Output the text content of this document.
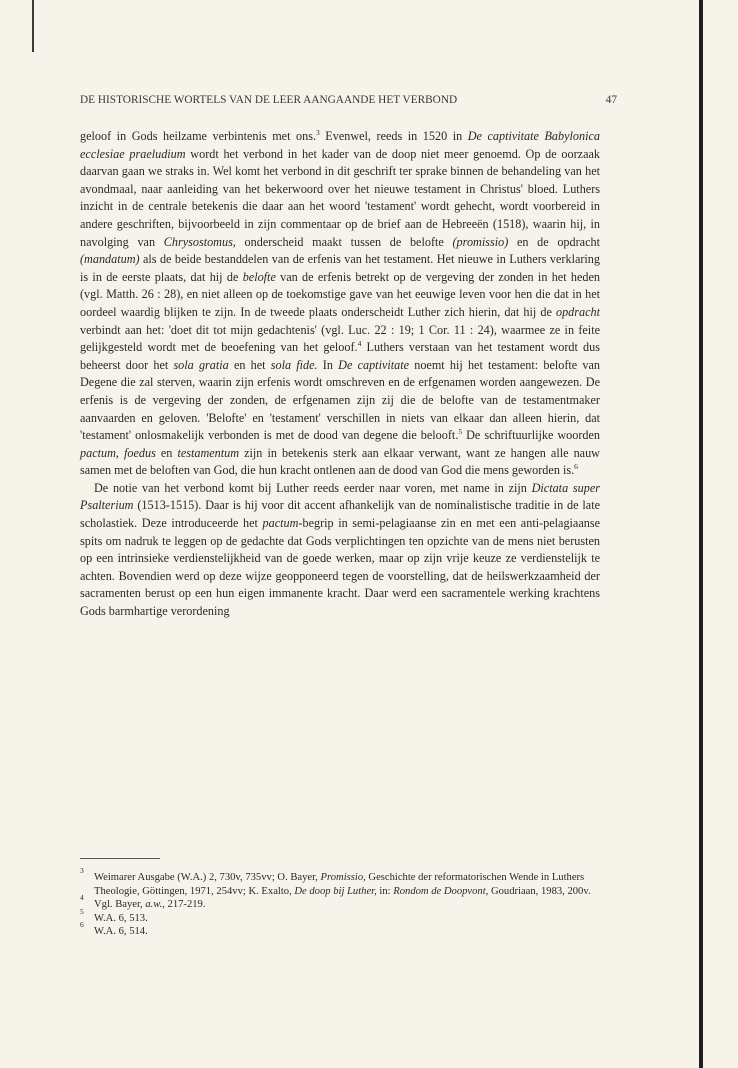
DE HISTORISCHE WORTELS VAN DE LEER AANGAANDE HET VERBOND	47

geloof in Gods heilzame verbintenis met ons.$^3$ Evenwel, reeds in 1520 in De captivitate Babylonica ecclesiae praeludium wordt het verbond in het kader van de doop niet meer genoemd. Op de oorzaak daarvan gaan we straks in. Wel komt het verbond in dit geschrift ter sprake binnen de behandeling van het avondmaal, naar aanleiding van het bekerwoord over het nieuwe testament in Christus' bloed. Luthers inzicht in de centrale betekenis die daar aan het woord 'testament' wordt gehecht, wordt voorbereid in andere geschriften, bijvoorbeeld in zijn commentaar op de brief aan de Hebreeën (1518), waarin hij, in navolging van Chrysostomus, onderscheid maakt tussen de belofte (promissio) en de opdracht (mandatum) als de beide bestanddelen van de erfenis van het testament. Het nieuwe in Luthers verklaring is in de eerste plaats, dat hij de belofte van de erfenis betrekt op de vergeving der zonden in het heden (vgl. Matth. 26 : 28), en niet alleen op de toekomstige gave van het eeuwige leven voor hen die dat in het oordeel waardig blijken te zijn. In de tweede plaats onderscheidt Luther zich hierin, dat hij de opdracht verbindt aan het: 'doet dit tot mijn gedachtenis' (vgl. Luc. 22 : 19; 1 Cor. 11 : 24), waarmee ze in feite gelijkgesteld wordt met de beoefening van het geloof.$^4$ Luthers verstaan van het testament wordt dus beheerst door het sola gratia en het sola fide. In De captivitate noemt hij het testament: belofte van Degene die zal sterven, waarin zijn erfenis wordt omschreven en de erfgenamen worden aangewezen. De erfenis is de vergeving der zonden, de erfgenamen zijn zij die de belofte van de testamentmaker aanvaarden en geloven. 'Belofte' en 'testament' verschillen in niets van elkaar dan alleen hierin, dat 'testament' onlosmakelijk verbonden is met de dood van degene die belooft.$^5$ De schriftuurlijke woorden pactum, foedus en testamentum zijn in betekenis sterk aan elkaar verwant, want ze hangen alle nauw samen met de beloften van God, die hun kracht ontlenen aan de dood van God die mens geworden is.$^6$

De notie van het verbond komt bij Luther reeds eerder naar voren, met name in zijn Dictata super Psalterium (1513-1515). Daar is hij voor dit accent afhankelijk van de nominalistische traditie in de late scholastiek. Deze introduceerde het pactum-begrip in semi-pelagiaanse zin en met een anti-pelagiaanse spits om nadruk te leggen op de gedachte dat Gods verplichtingen ten opzichte van de mens niet berusten op een intrinsieke verdienstelijkheid van de goede werken, maar op zijn vrije keuze ze verdienstelijk te achten. Bovendien werd op deze wijze geopponeerd tegen de voorstelling, dat de heilswerkzaamheid der sacramenten berust op een hun eigen immanente kracht. Daar werd een sacramentele werking krachtens Gods barmhartige verordening

3
Weimarer Ausgabe (W.A.) 2, 730v, 735vv; O. Bayer, Promissio, Geschichte der reformatorischen Wende in Luthers Theologie, Göttingen, 1971, 254vv; K. Exalto, De doop bij Luther, in: Rondom de Doopvont, Goudriaan, 1983, 200v.
4
Vgl. Bayer, a.w., 217-219.
5
W.A. 6, 513.
6
W.A. 6, 514.
